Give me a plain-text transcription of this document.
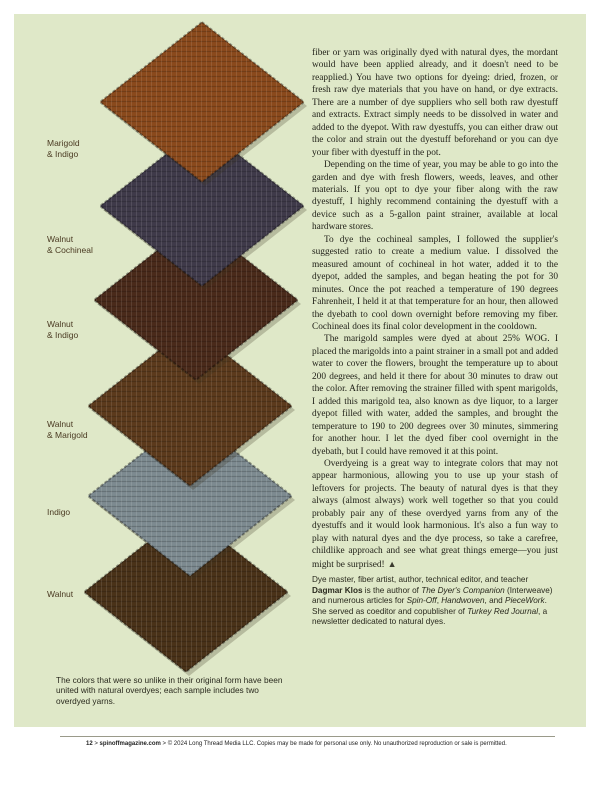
Marigold
& Indigo
Walnut
& Cochineal
Walnut
& Indigo
Walnut
& Marigold
Indigo
Walnut
The colors that were so unlike in their original form have been united with natural overdyes; each sample includes two overdyed yarns.

fiber or yarn was originally dyed with natural dyes, the mordant would have been applied already, and it doesn't need to be reapplied.) You have two options for dyeing: dried, frozen, or fresh raw dye materials that you have on hand, or dye extracts. There are a number of dye suppliers who sell both raw dyestuff and extracts. Extract simply needs to be dissolved in water and added to the dyepot. With raw dyestuffs, you can either draw out the color and strain out the dyestuff beforehand or you can dye your fiber with dyestuff in the pot.

Depending on the time of year, you may be able to go into the garden and dye with fresh flowers, weeds, leaves, and other materials. If you opt to dye your fiber along with the raw dyestuff, I highly recommend containing the dyestuff with a device such as a 5-gallon paint strainer, available at local hardware stores.

To dye the cochineal samples, I followed the supplier's suggested ratio to create a medium value. I dissolved the measured amount of cochineal in hot water, added it to the dyepot, added the samples, and began heating the pot for 30 minutes. Once the pot reached a temperature of 190 degrees Fahrenheit, I held it at that temperature for an hour, then allowed the dyebath to cool down overnight before removing my fiber. Cochineal does its final color development in the cooldown.

The marigold samples were dyed at about 25% WOG. I placed the marigolds into a paint strainer in a small pot and added water to cover the flowers, brought the temperature up to about 200 degrees, and held it there for about 30 minutes to draw out the color. After removing the strainer filled with spent marigolds, I added this marigold tea, also known as dye liquor, to a larger dyepot filled with water, added the samples, and brought the temperature to 190 to 200 degrees over 30 minutes, simmering for another hour. I let the dyed fiber cool overnight in the dyebath, but I could have removed it at this point.

Overdyeing is a great way to integrate colors that may not appear harmonious, allowing you to use up your stash of leftovers for projects. The beauty of natural dyes is that they always (almost always) work well together so that you could probably pair any of these overdyed yarns from any of the dyestuffs and it would look harmonious. It's also a fun way to play with natural dyes and the dye process, so take a carefree, childlike approach and see what great things emerge—you just might be surprised! ▲

Dye master, fiber artist, author, technical editor, and teacher Dagmar Klos is the author of The Dyer's Companion (Interweave) and numerous articles for Spin-Off, Handwoven, and PieceWork. She served as coeditor and copublisher of Turkey Red Journal, a newsletter dedicated to natural dyes.
12 > spinoffmagazine.com > © 2024 Long Thread Media LLC. Copies may be made for personal use only. No unauthorized reproduction or sale is permitted.
